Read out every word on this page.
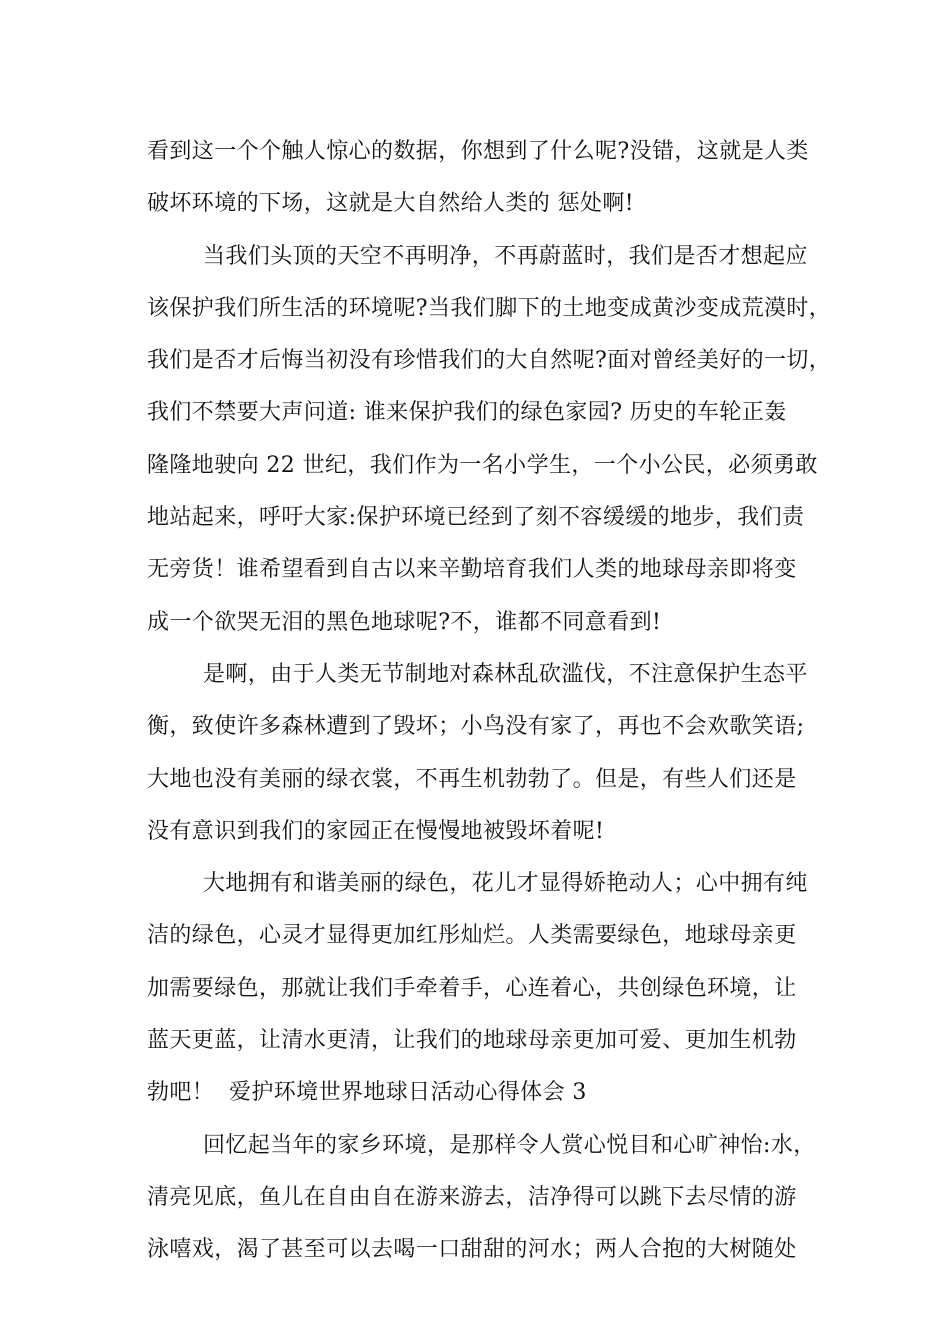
看到这一个个触人惊心的数据，你想到了什么呢?没错，这就是人类
破坏环境的下场，这就是大自然给人类的 惩处啊!
当我们头顶的天空不再明净，不再蔚蓝时，我们是否才想起应
该保护我们所生活的环境呢?当我们脚下的土地变成黄沙变成荒漠时，
我们是否才后悔当初没有珍惜我们的大自然呢?面对曾经美好的一切，
我们不禁要大声问道: 谁来保护我们的绿色家园? 历史的车轮正轰
隆隆地驶向 22 世纪，我们作为一名小学生，一个小公民，必须勇敢
地站起来，呼吁大家:保护环境已经到了刻不容缓缓的地步，我们责
无旁货！谁希望看到自古以来辛勤培育我们人类的地球母亲即将变
成一个欲哭无泪的黑色地球呢?不，谁都不同意看到!
是啊，由于人类无节制地对森林乱砍滥伐，不注意保护生态平
衡，致使许多森林遭到了毁坏；小鸟没有家了，再也不会欢歌笑语;
大地也没有美丽的绿衣裳，不再生机勃勃了。但是，有些人们还是
没有意识到我们的家园正在慢慢地被毁坏着呢!
大地拥有和谐美丽的绿色，花儿才显得娇艳动人；心中拥有纯
洁的绿色，心灵才显得更加红彤灿烂。人类需要绿色，地球母亲更
加需要绿色，那就让我们手牵着手，心连着心，共创绿色环境，让
蓝天更蓝，让清水更清，让我们的地球母亲更加可爱、更加生机勃
勃吧！  爱护环境世界地球日活动心得体会 3
回忆起当年的家乡环境，是那样令人赏心悦目和心旷神怡:水，
清亮见底，鱼儿在自由自在游来游去，洁净得可以跳下去尽情的游
泳嘻戏，渴了甚至可以去喝一口甜甜的河水；两人合抱的大树随处
